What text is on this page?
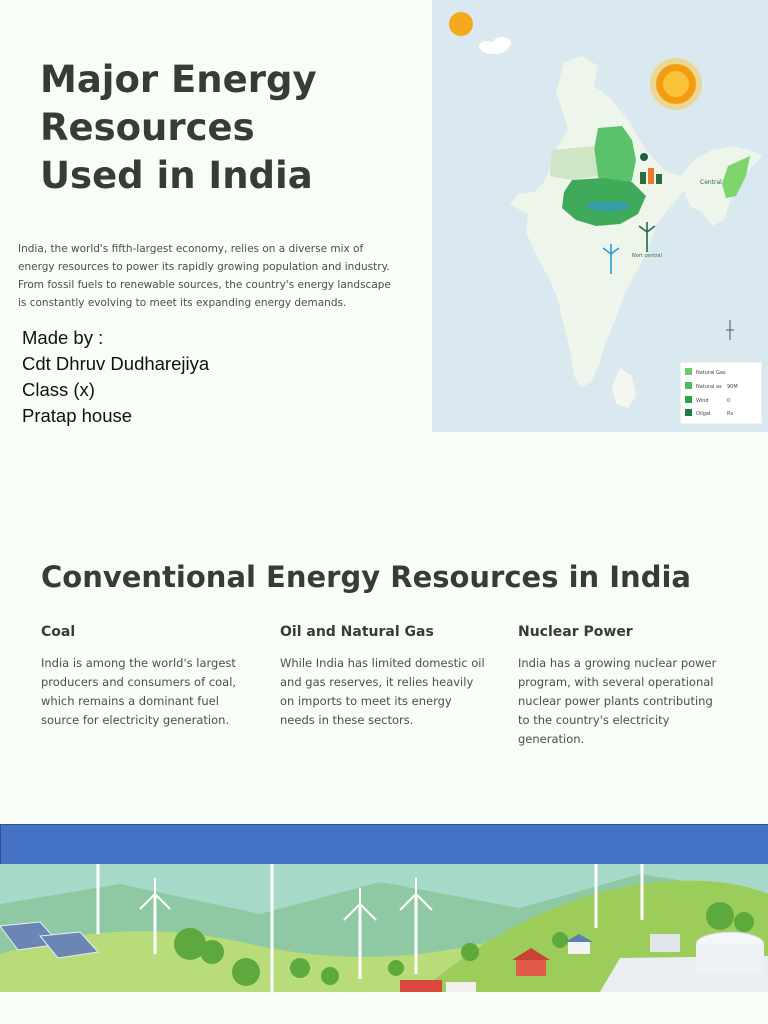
Major Energy
Resources
Used in India
India, the world's fifth-largest economy, relies on a diverse mix of
energy resources to power its rapidly growing population and industry.
From fossil fuels to renewable sources, the country's energy landscape
is constantly evolving to meet its expanding energy demands.
Made by :
Cdt Dhruv Dudharejiya
Class (x)
Pratap house
Central
Nort central
Natural Gas
Natural as 90M
Wind	0
Oilgal	Rs
Conventional Energy Resources in India
Coal

India is among the world's largest
producers and consumers of coal,
which remains a dominant fuel
source for electricity generation.

Oil and Natural Gas

While India has limited domestic oil
and gas reserves, it relies heavily
on imports to meet its energy
needs in these sectors.

Nuclear Power

India has a growing nuclear power
program, with several operational
nuclear power plants contributing
to the country's electricity
generation.
